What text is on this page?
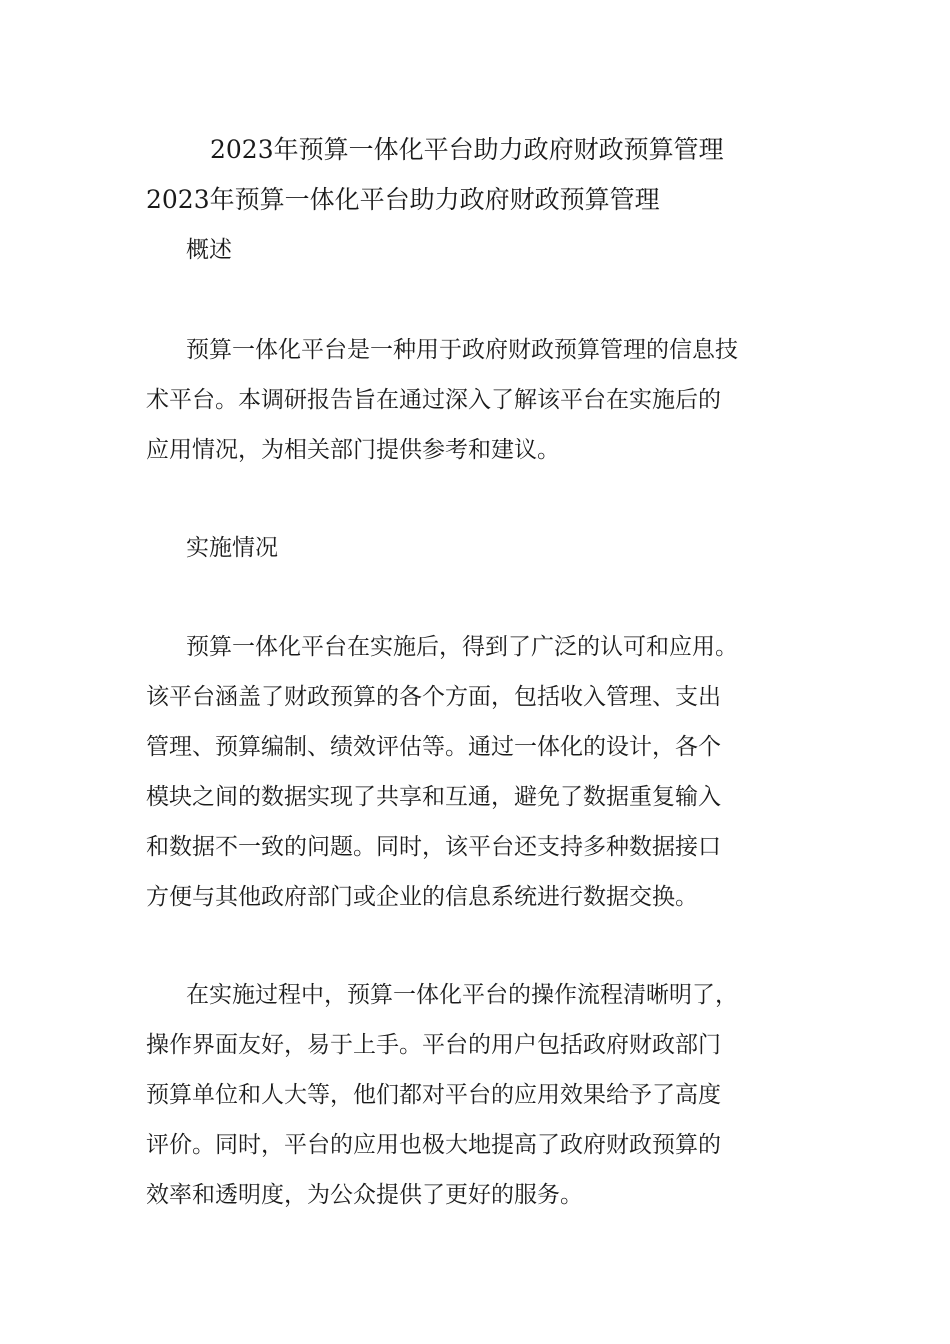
2023年预算一体化平台助力政府财政预算管理
2023年预算一体化平台助力政府财政预算管理
概述
预算一体化平台是一种用于政府财政预算管理的信息技
术平台。本调研报告旨在通过深入了解该平台在实施后的
应用情况，为相关部门提供参考和建议。
实施情况
预算一体化平台在实施后，得到了广泛的认可和应用。
该平台涵盖了财政预算的各个方面，包括收入管理、支出
管理、预算编制、绩效评估等。通过一体化的设计，各个
模块之间的数据实现了共享和互通，避免了数据重复输入
和数据不一致的问题。同时，该平台还支持多种数据接口
方便与其他政府部门或企业的信息系统进行数据交换。
在实施过程中，预算一体化平台的操作流程清晰明了，
操作界面友好，易于上手。平台的用户包括政府财政部门
预算单位和人大等，他们都对平台的应用效果给予了高度
评价。同时，平台的应用也极大地提高了政府财政预算的
效率和透明度，为公众提供了更好的服务。
